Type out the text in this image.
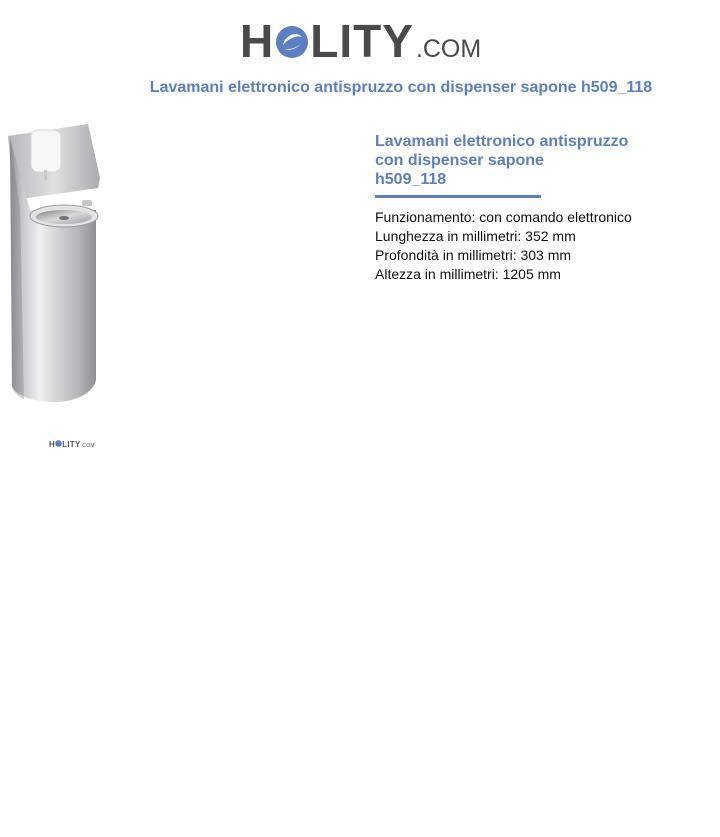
H LITY .COM
Lavamani elettronico antispruzzo con dispenser sapone h509_118
H LITY .COM
Lavamani elettronico antispruzzo
con dispenser sapone
h509_118
Funzionamento: con comando elettronico
Lunghezza in millimetri: 352 mm
Profondità in millimetri: 303 mm
Altezza in millimetri: 1205 mm
